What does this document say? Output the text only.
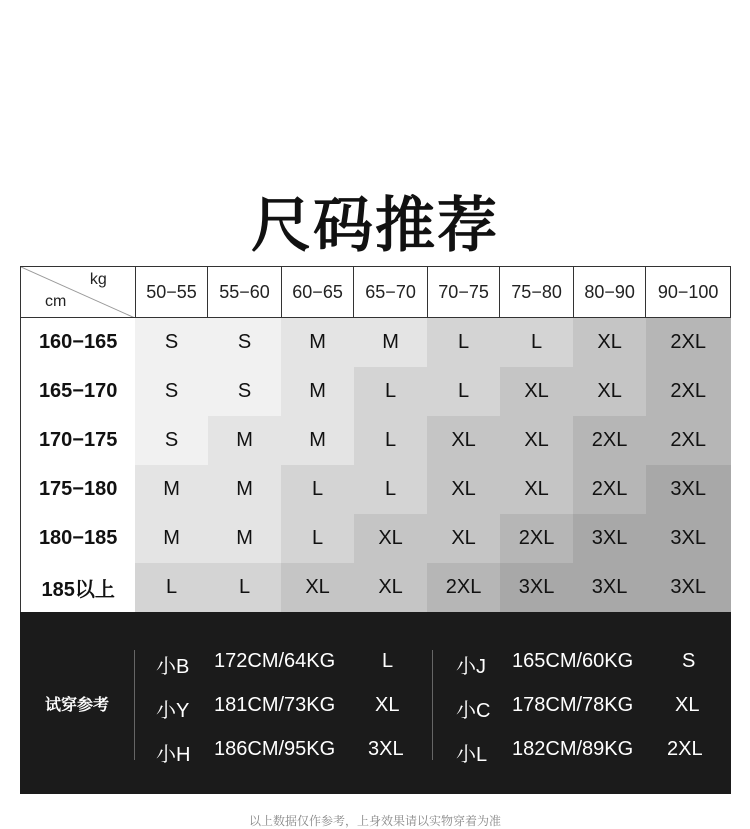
尺码推荐
kg
cm	50−55	55−60	60−65	65−70	70−75	75−80	80−90	90−100
160−165	S	S	M	M	L	L	XL	2XL
165−170	S	S	M	L	L	XL	XL	2XL
170−175	S	M	M	L	XL	XL	2XL	2XL
175−180	M	M	L	L	XL	XL	2XL	3XL
180−185	M	M	L	XL	XL	2XL	3XL	3XL
185以上	L	L	XL	XL	2XL	3XL	3XL	3XL
试穿参考
小B 172CM/64KG L
小Y 181CM/73KG XL
小H 186CM/95KG 3XL
小J 165CM/60KG S
小C 178CM/78KG XL
小L 182CM/89KG 2XL
以上数据仅作参考，上身效果请以实物穿着为准
